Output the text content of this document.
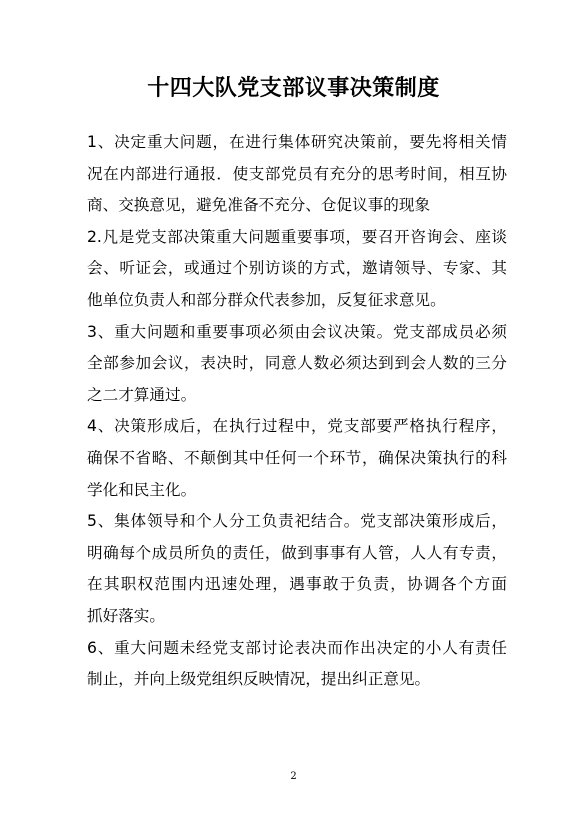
十四大队党支部议事决策制度
1、决定重大问题，在进行集体研究决策前，要先将相关情
况在内部进行通报．使支部党员有充分的思考时间，相互协
商、交换意见，避免准备不充分、仓促议事的现象
2.凡是党支部决策重大问题重要事项，要召开咨询会、座谈
会、听证会，或通过个别访谈的方式，邀请领导、专家、其
他单位负责人和部分群众代表参加，反复征求意见。
3、重大问题和重要事项必须由会议决策。党支部成员必须
全部参加会议，表决时，同意人数必须达到到会人数的三分
之二才算通过。
4、决策形成后，在执行过程中，党支部要严格执行程序，
确保不省略、不颠倒其中任何一个环节，确保决策执行的科
学化和民主化。
5、集体领导和个人分工负责祀结合。党支部决策形成后，
明确每个成员所负的责任，做到事事有人管，人人有专责，
在其职权范围内迅速处理，遇事敢于负责，协调各个方面
抓好落实。
6、重大问题未经党支部讨论表决而作出决定的小人有责任
制止，并向上级党组织反映情况，提出纠正意见。
2
